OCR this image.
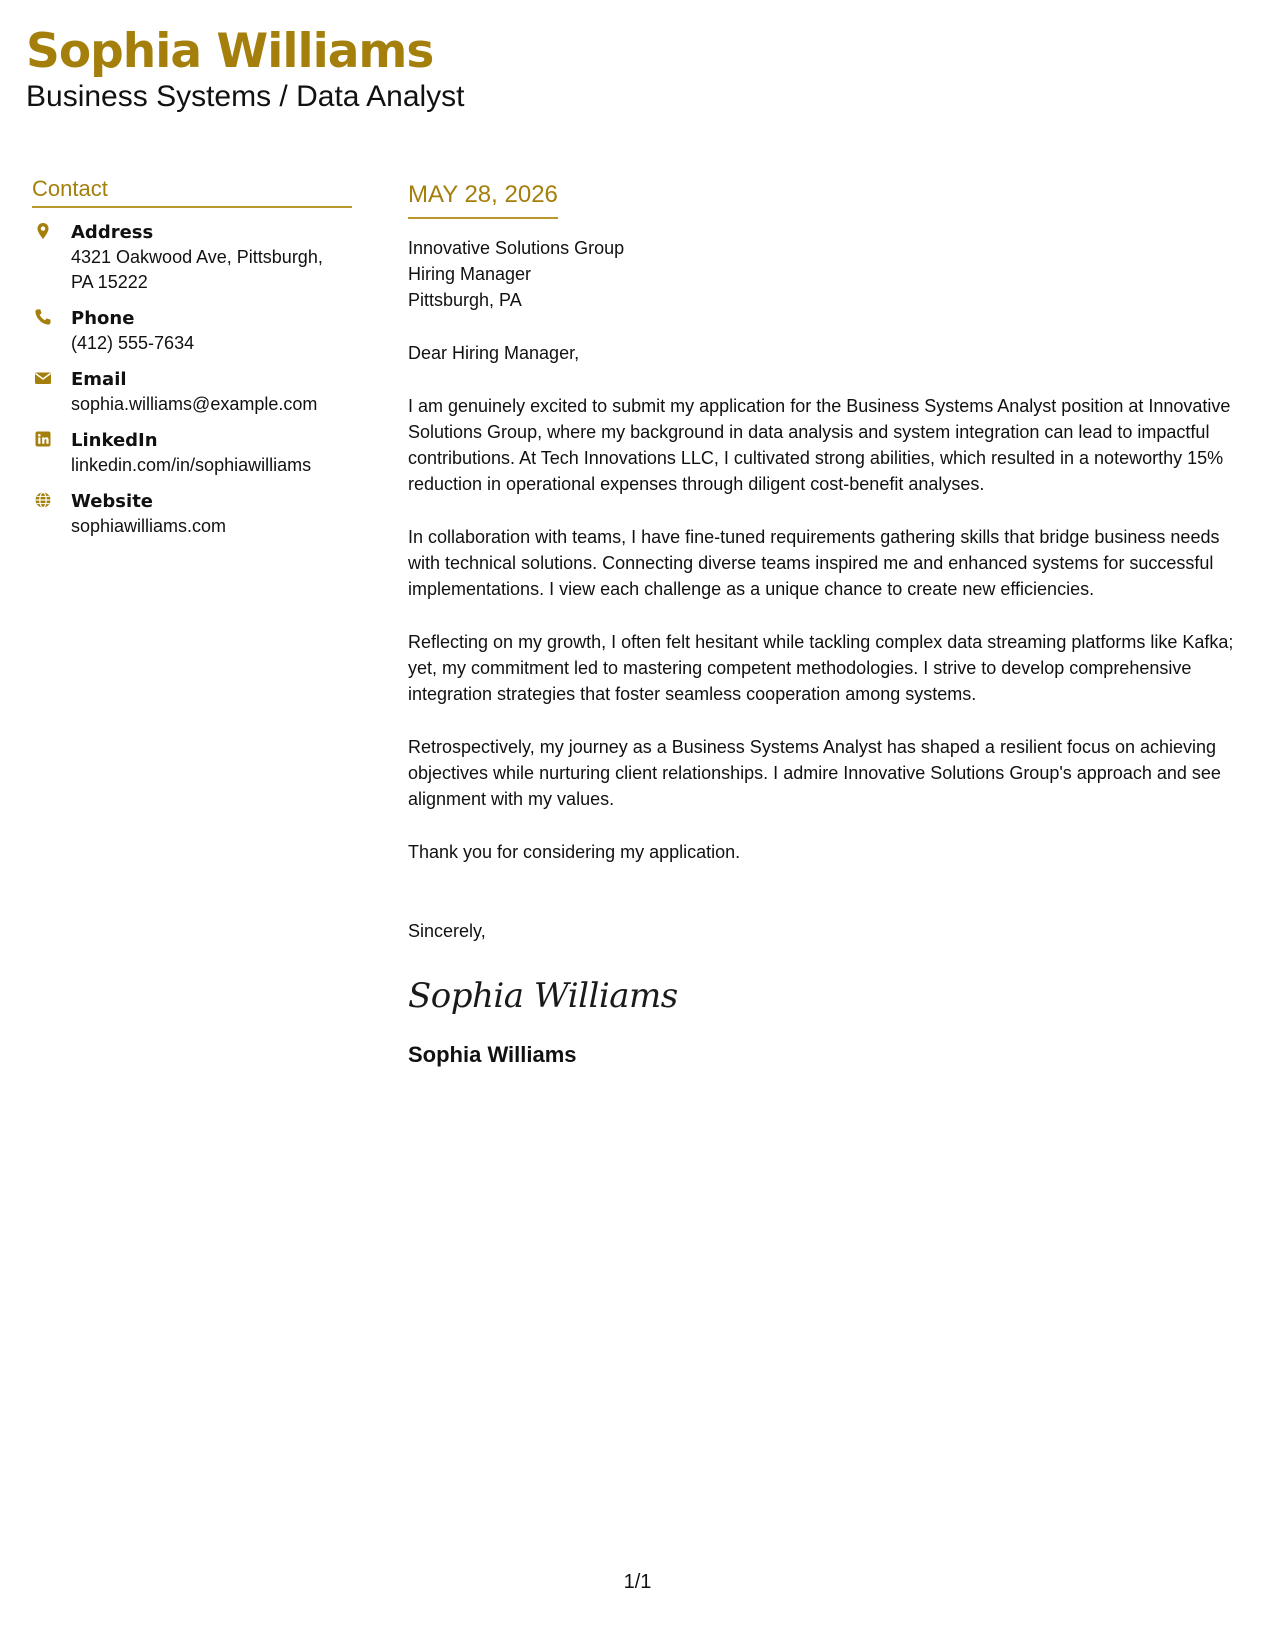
Sophia Williams
Business Systems / Data Analyst
Contact
Address
4321 Oakwood Ave, Pittsburgh, PA 15222
Phone
(412) 555-7634
Email
sophia.williams@example.com
LinkedIn
linkedin.com/in/sophiawilliams
Website
sophiawilliams.com
MAY 28, 2026
Innovative Solutions Group
Hiring Manager
Pittsburgh, PA
Dear Hiring Manager,

I am genuinely excited to submit my application for the Business Systems Analyst position at Innovative Solutions Group, where my background in data analysis and system integration can lead to impactful contributions. At Tech Innovations LLC, I cultivated strong abilities, which resulted in a noteworthy 15% reduction in operational expenses through diligent cost-benefit analyses.

In collaboration with teams, I have fine-tuned requirements gathering skills that bridge business needs with technical solutions. Connecting diverse teams inspired me and enhanced systems for successful implementations. I view each challenge as a unique chance to create new efficiencies.

Reflecting on my growth, I often felt hesitant while tackling complex data streaming platforms like Kafka; yet, my commitment led to mastering competent methodologies. I strive to develop comprehensive integration strategies that foster seamless cooperation among systems.

Retrospectively, my journey as a Business Systems Analyst has shaped a resilient focus on achieving objectives while nurturing client relationships. I admire Innovative Solutions Group's approach and see alignment with my values.

Thank you for considering my application.

Sincerely,
Sophia Williams
Sophia Williams
1/1
